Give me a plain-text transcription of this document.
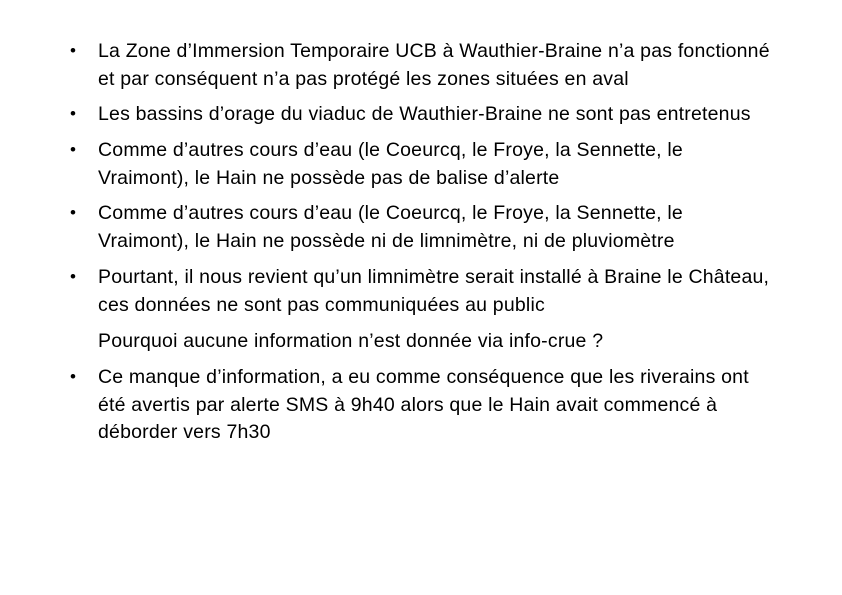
• La Zone d’Immersion Temporaire UCB à Wauthier-Braine n’a pas fonctionné et par conséquent n’a pas protégé les zones situées en aval
• Les bassins d’orage du viaduc de Wauthier-Braine ne sont pas entretenus
• Comme d’autres cours d’eau (le Coeurcq, le Froye, la Sennette, le Vraimont), le Hain ne possède pas de balise d’alerte
• Comme d’autres cours d’eau (le Coeurcq, le Froye, la Sennette, le Vraimont), le Hain ne possède ni de limnimètre, ni de pluviomètre
• Pourtant, il nous revient qu’un limnimètre serait installé à Braine le Château, ces données ne sont pas communiquées au public
Pourquoi aucune information n’est donnée via info-crue ?
• Ce manque d’information, a eu comme conséquence que les riverains ont été avertis par alerte SMS à 9h40 alors que le Hain avait commencé à déborder vers 7h30
